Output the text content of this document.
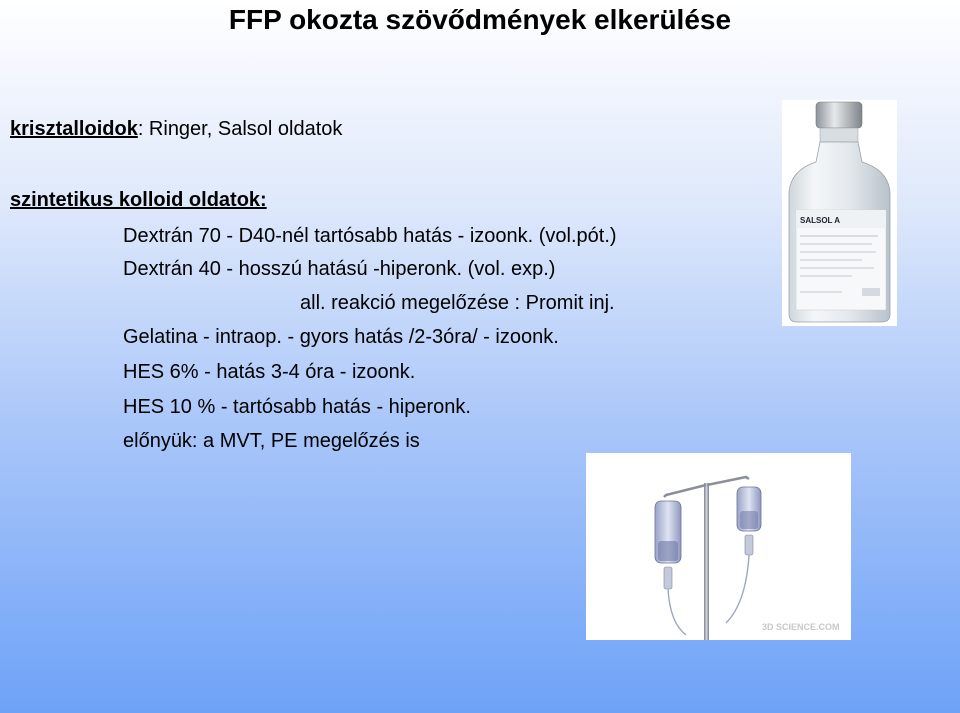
FFP okozta szövődmények elkerülése
krisztalloidok: Ringer, Salsol oldatok
szintetikus kolloid oldatok:
Dextrán 70 - D40-nél tartósabb hatás - izoonk. (vol.pót.)
Dextrán 40 - hosszú hatású -hiperonk. (vol. exp.)
all. reakció megelőzése : Promit inj.
Gelatina - intraop. - gyors hatás /2-3óra/ - izoonk.
HES 6% - hatás 3-4 óra - izoonk.
HES 10 % - tartósabb hatás - hiperonk.
előnyük: a MVT, PE megelőzés is
SALSOL A
3D SCIENCE.COM
